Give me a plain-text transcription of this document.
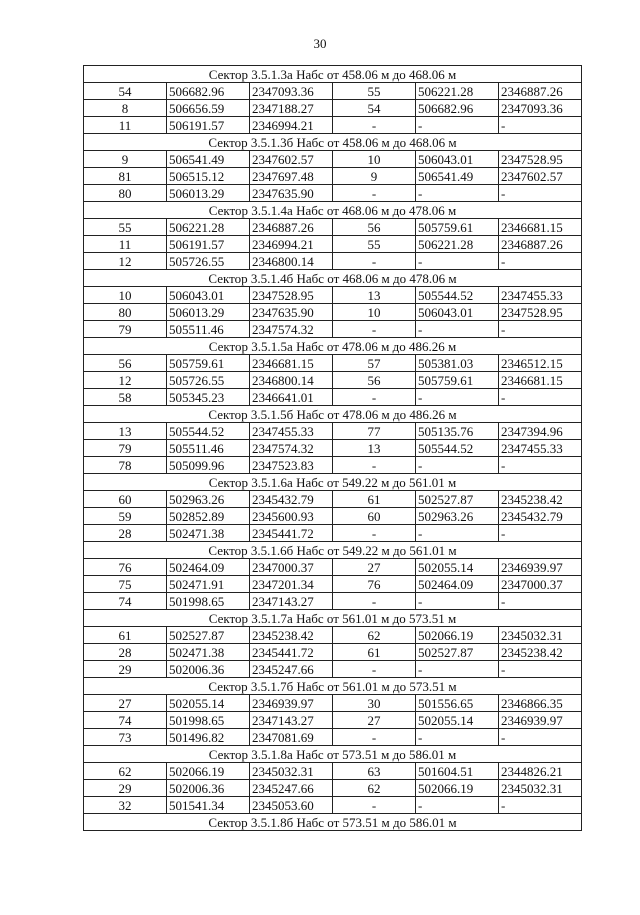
30
Сектор 3.5.1.3а Набс от 458.06 м до 468.06 м					
54	506682.96	2347093.36	55	506221.28	2346887.26
8	506656.59	2347188.27	54	506682.96	2347093.36
11	506191.57	2346994.21	-	-	-
Сектор 3.5.1.3б Набс от 458.06 м до 468.06 м					
9	506541.49	2347602.57	10	506043.01	2347528.95
81	506515.12	2347697.48	9	506541.49	2347602.57
80	506013.29	2347635.90	-	-	-
Сектор 3.5.1.4а Набс от 468.06 м до 478.06 м					
55	506221.28	2346887.26	56	505759.61	2346681.15
11	506191.57	2346994.21	55	506221.28	2346887.26
12	505726.55	2346800.14	-	-	-
Сектор 3.5.1.4б Набс от 468.06 м до 478.06 м					
10	506043.01	2347528.95	13	505544.52	2347455.33
80	506013.29	2347635.90	10	506043.01	2347528.95
79	505511.46	2347574.32	-	-	-
Сектор 3.5.1.5а Набс от 478.06 м до 486.26 м					
56	505759.61	2346681.15	57	505381.03	2346512.15
12	505726.55	2346800.14	56	505759.61	2346681.15
58	505345.23	2346641.01	-	-	-
Сектор 3.5.1.5б Набс от 478.06 м до 486.26 м					
13	505544.52	2347455.33	77	505135.76	2347394.96
79	505511.46	2347574.32	13	505544.52	2347455.33
78	505099.96	2347523.83	-	-	-
Сектор 3.5.1.6а Набс от 549.22 м до 561.01 м					
60	502963.26	2345432.79	61	502527.87	2345238.42
59	502852.89	2345600.93	60	502963.26	2345432.79
28	502471.38	2345441.72	-	-	-
Сектор 3.5.1.6б Набс от 549.22 м до 561.01 м					
76	502464.09	2347000.37	27	502055.14	2346939.97
75	502471.91	2347201.34	76	502464.09	2347000.37
74	501998.65	2347143.27	-	-	-
Сектор 3.5.1.7а Набс от 561.01 м до 573.51 м					
61	502527.87	2345238.42	62	502066.19	2345032.31
28	502471.38	2345441.72	61	502527.87	2345238.42
29	502006.36	2345247.66	-	-	-
Сектор 3.5.1.7б Набс от 561.01 м до 573.51 м					
27	502055.14	2346939.97	30	501556.65	2346866.35
74	501998.65	2347143.27	27	502055.14	2346939.97
73	501496.82	2347081.69	-	-	-
Сектор 3.5.1.8а Набс от 573.51 м до 586.01 м					
62	502066.19	2345032.31	63	501604.51	2344826.21
29	502006.36	2345247.66	62	502066.19	2345032.31
32	501541.34	2345053.60	-	-	-
Сектор 3.5.1.8б Набс от 573.51 м до 586.01 м					
